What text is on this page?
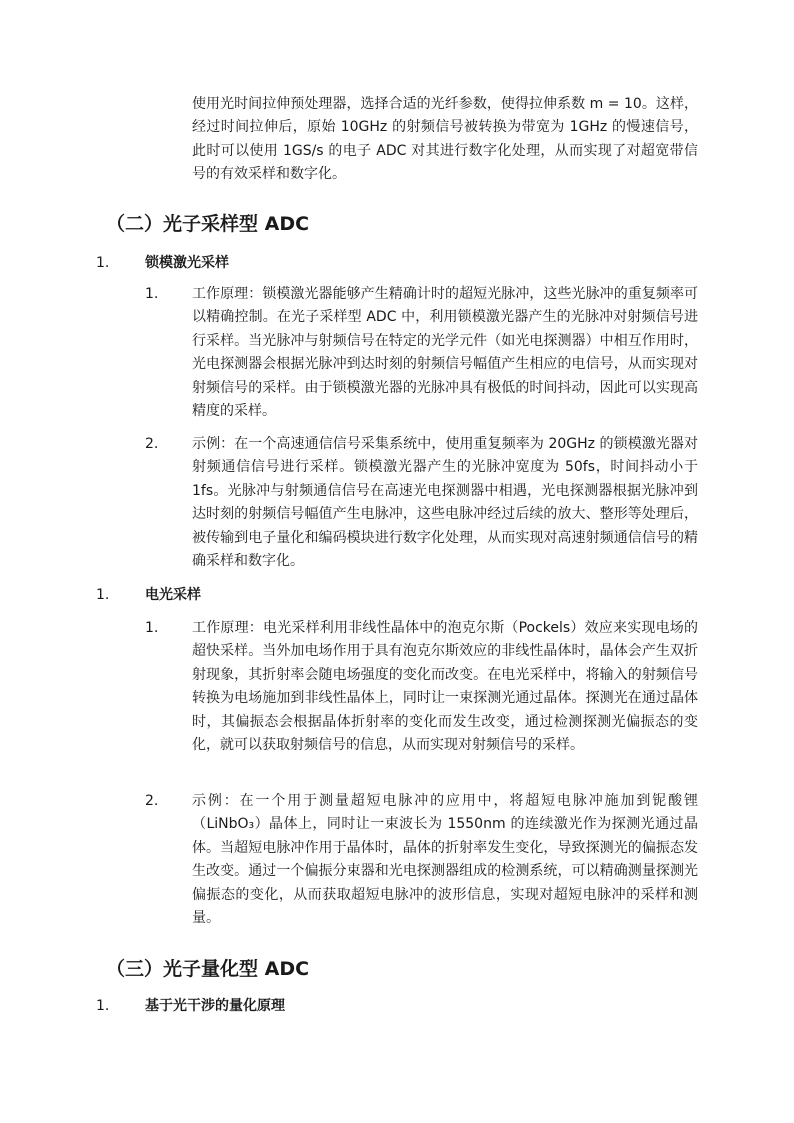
使用光时间拉伸预处理器，选择合适的光纤参数，使得拉伸系数 m = 10。这样，经过时间拉伸后，原始 10GHz 的射频信号被转换为带宽为 1GHz 的慢速信号，此时可以使用 1GS/s 的电子 ADC 对其进行数字化处理，从而实现了对超宽带信号的有效采样和数字化。

（二）光子采样型 ADC
1.	锁模激光采样
1. 工作原理：锁模激光器能够产生精确计时的超短光脉冲，这些光脉冲的重复频率可以精确控制。在光子采样型 ADC 中，利用锁模激光器产生的光脉冲对射频信号进行采样。当光脉冲与射频信号在特定的光学元件（如光电探测器）中相互作用时，光电探测器会根据光脉冲到达时刻的射频信号幅值产生相应的电信号，从而实现对射频信号的采样。由于锁模激光器的光脉冲具有极低的时间抖动，因此可以实现高精度的采样。

2. 示例：在一个高速通信信号采集系统中，使用重复频率为 20GHz 的锁模激光器对射频通信信号进行采样。锁模激光器产生的光脉冲宽度为 50fs，时间抖动小于 1fs。光脉冲与射频通信信号在高速光电探测器中相遇，光电探测器根据光脉冲到达时刻的射频信号幅值产生电脉冲，这些电脉冲经过后续的放大、整形等处理后，被传输到电子量化和编码模块进行数字化处理，从而实现对高速射频通信信号的精确采样和数字化。

1.	电光采样
1. 工作原理：电光采样利用非线性晶体中的泡克尔斯（Pockels）效应来实现电场的超快采样。当外加电场作用于具有泡克尔斯效应的非线性晶体时，晶体会产生双折射现象，其折射率会随电场强度的变化而改变。在电光采样中，将输入的射频信号转换为电场施加到非线性晶体上，同时让一束探测光通过晶体。探测光在通过晶体时，其偏振态会根据晶体折射率的变化而发生改变，通过检测探测光偏振态的变化，就可以获取射频信号的信息，从而实现对射频信号的采样。

2. 示例：在一个用于测量超短电脉冲的应用中，将超短电脉冲施加到铌酸锂（LiNbO₃）晶体上，同时让一束波长为 1550nm 的连续激光作为探测光通过晶体。当超短电脉冲作用于晶体时，晶体的折射率发生变化，导致探测光的偏振态发生改变。通过一个偏振分束器和光电探测器组成的检测系统，可以精确测量探测光偏振态的变化，从而获取超短电脉冲的波形信息，实现对超短电脉冲的采样和测量。

（三）光子量化型 ADC
1.	基于光干涉的量化原理
